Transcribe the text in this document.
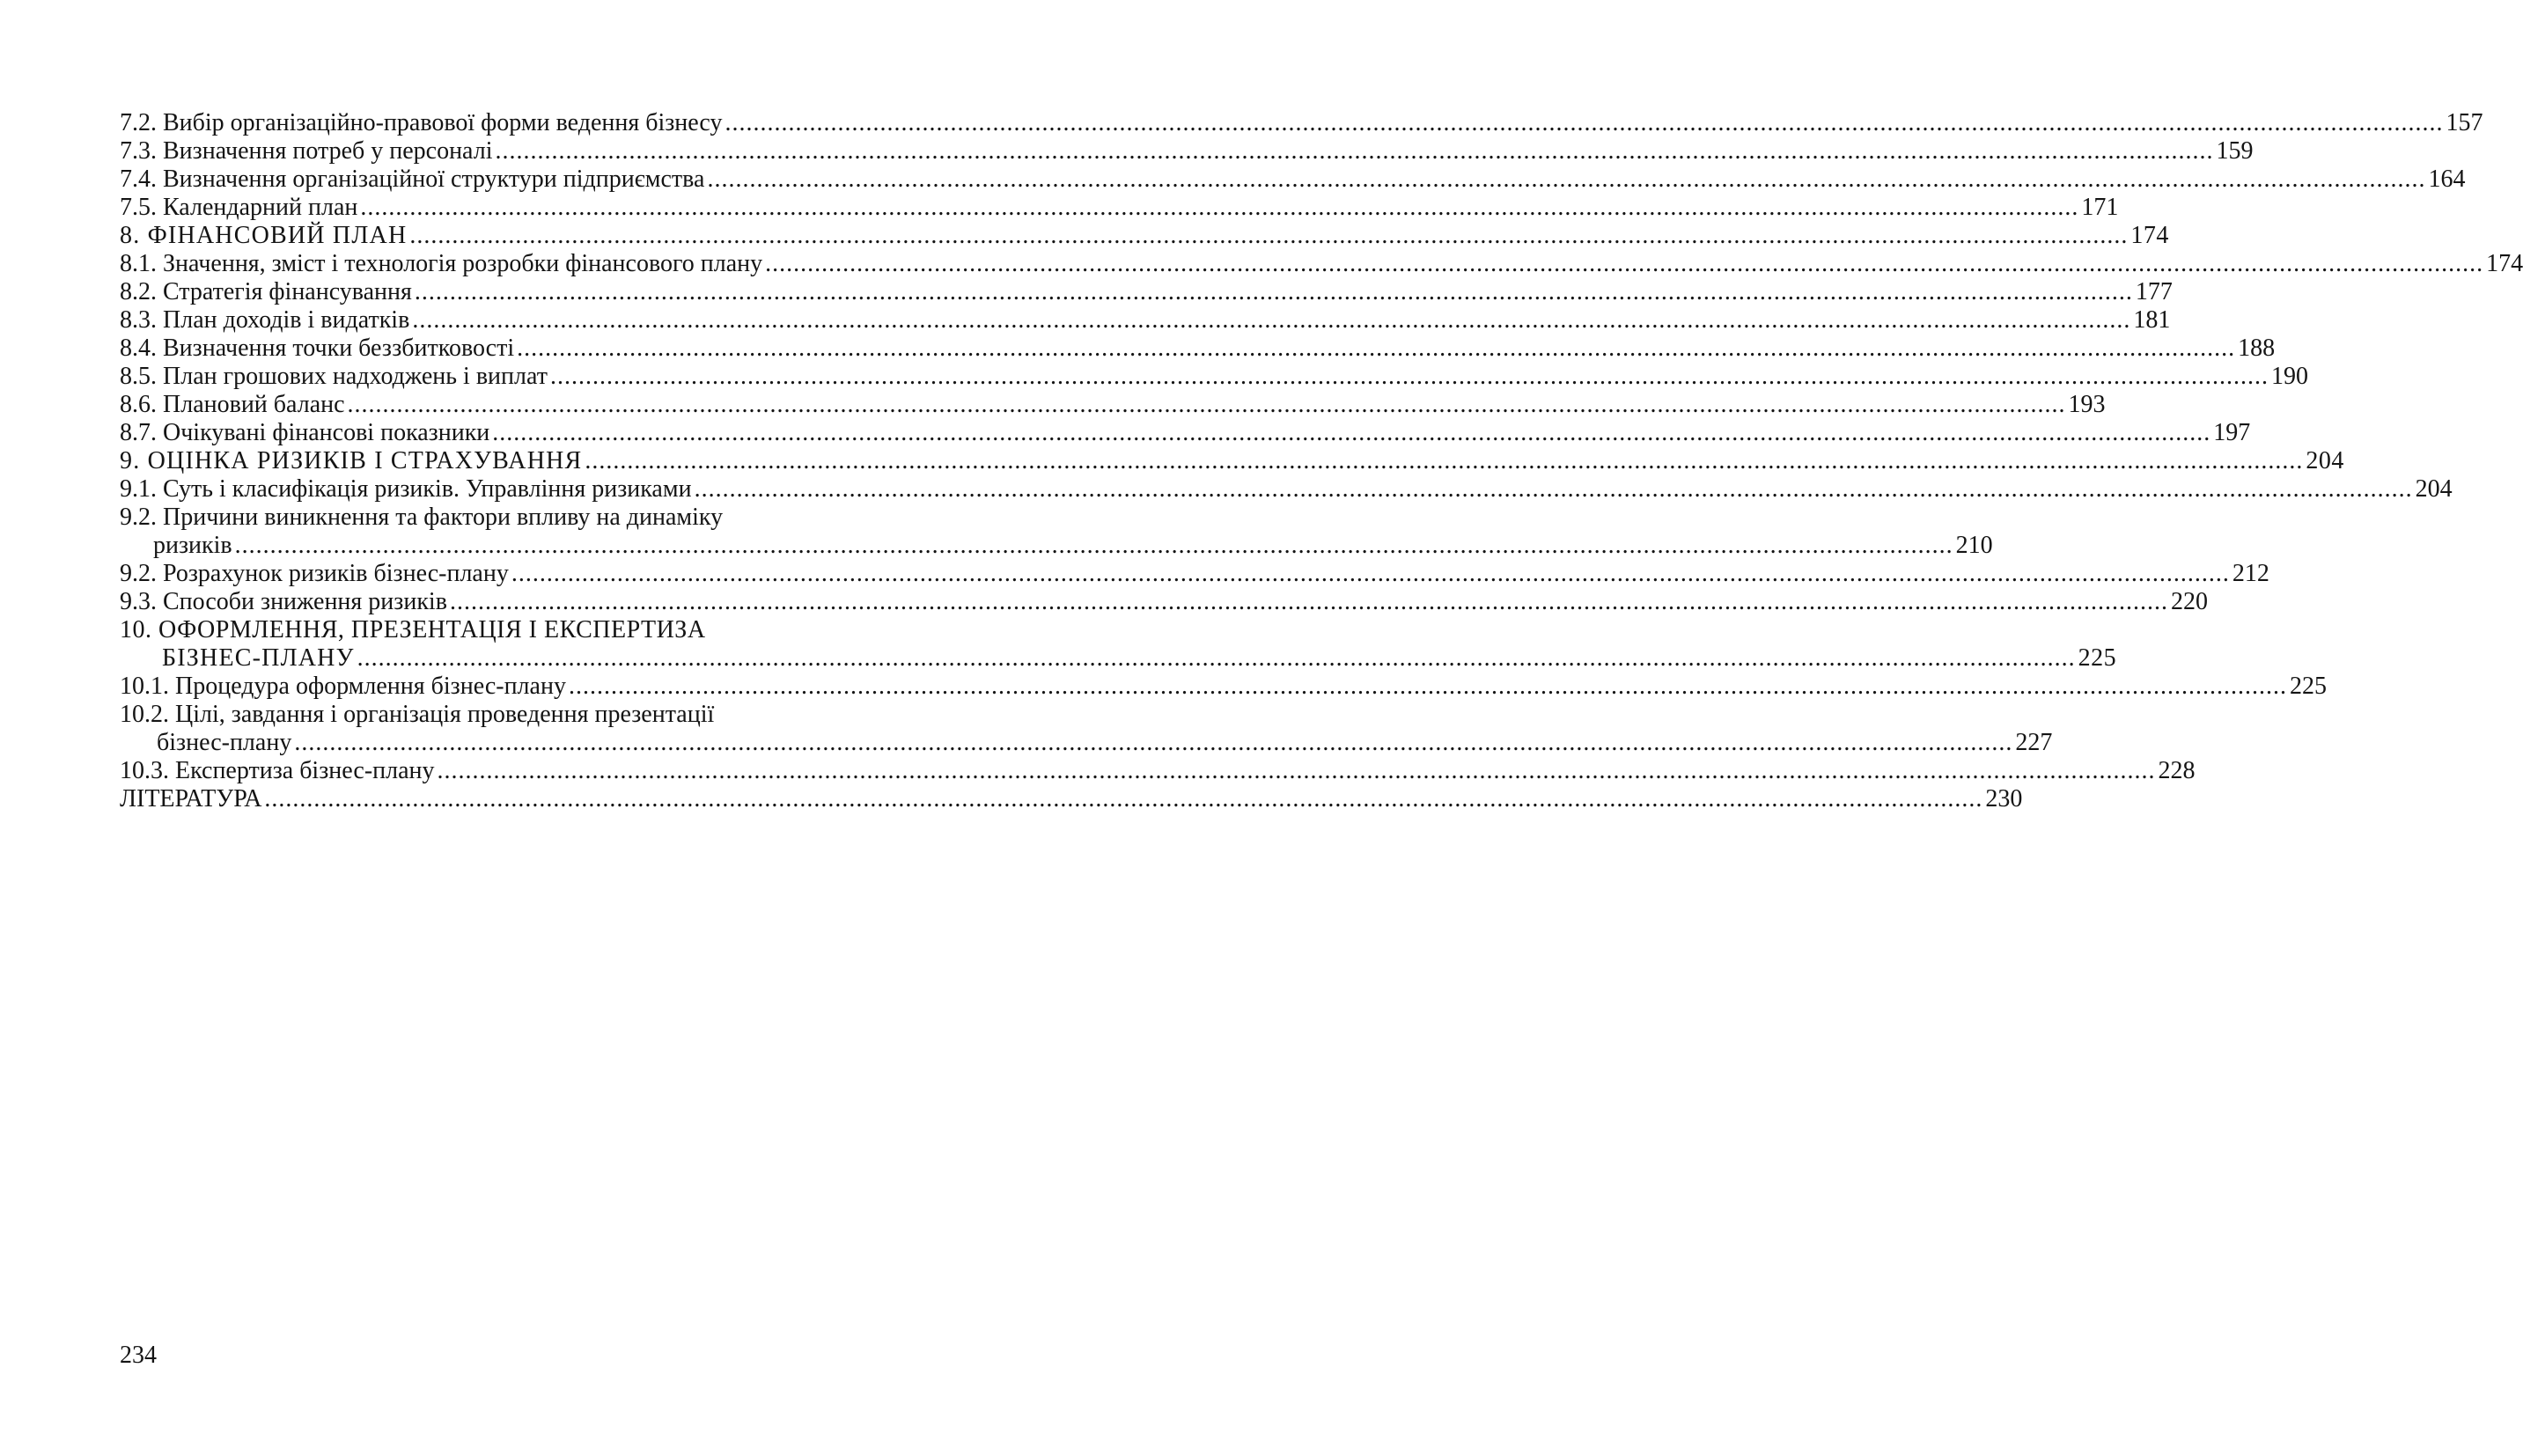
7.2. Вибір організаційно-правової форми ведення бізнесу .....	157
7.3. Визначення потреб у персоналі .....	159
7.4. Визначення організаційної структури підприємства .....	164
7.5. Календарний план .....	171
8. ФІНАНСОВИЙ ПЛАН .....	174
8.1. Значення, зміст і технологія розробки фінансового плану .....	174
8.2. Стратегія фінансування .....	177
8.3. План доходів і видатків .....	181
8.4. Визначення точки беззбитковості .....	188
8.5. План грошових надходжень і виплат .....	190
8.6. Плановий баланс .....	193
8.7. Очікувані фінансові показники .....	197
9. ОЦІНКА РИЗИКІВ І СТРАХУВАННЯ .....	204
9.1. Суть і класифікація ризиків. Управління ризиками .....	204
9.2. Причини виникнення та фактори впливу на динаміку
ризиків .....	210
9.2. Розрахунок ризиків бізнес-плану .....	212
9.3. Способи зниження ризиків .....	220
10. ОФОРМЛЕННЯ, ПРЕЗЕНТАЦІЯ І ЕКСПЕРТИЗА
БІЗНЕС-ПЛАНУ .....	225
10.1. Процедура оформлення бізнес-плану .....	225
10.2. Цілі, завдання і організація проведення презентації
бізнес-плану .....	227
10.3. Експертиза бізнес-плану .....	228
ЛІТЕРАТУРА .....	230
234
